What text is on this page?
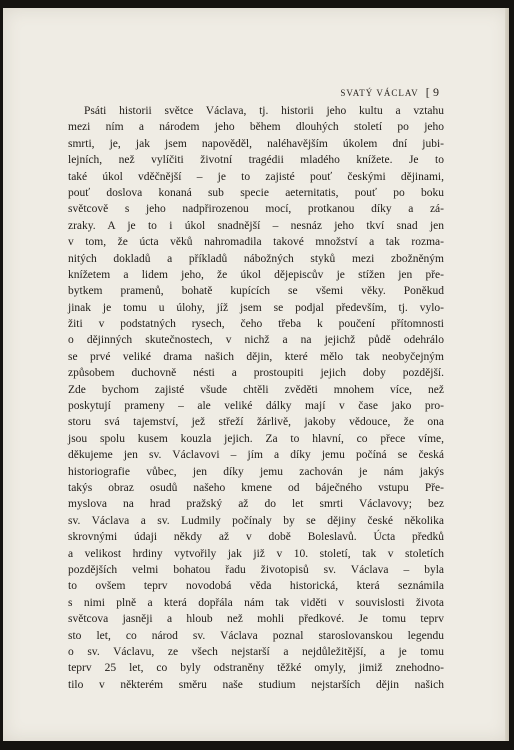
SVATÝ VÁCLAV [ 9
Psáti historii světce Václava, tj. historii jeho kultu a vztahu
mezi ním a národem jeho během dlouhých století po jeho
smrti, je, jak jsem napověděl, naléhavějším úkolem dní jubi-
lejních, než vylíčiti životní tragédii mladého knížete. Je to
také úkol vděčnější – je to zajisté pouť českými dějinami,
pouť doslova konaná sub specie aeternitatis, pouť po boku
světcově s jeho nadpřirozenou mocí, protkanou díky a zá-
zraky. A je to i úkol snadnější – nesnáz jeho tkví snad jen
v tom, že úcta věků nahromadila takové množství a tak rozma-
nitých dokladů a příkladů nábožných styků mezi zbožněným
knížetem a lidem jeho, že úkol dějepiscův je stížen jen pře-
bytkem pramenů, bohatě kupících se všemi věky. Poněkud
jinak je tomu u úlohy, jíž jsem se podjal především, tj. vylo-
žiti v podstatných rysech, čeho třeba k poučení přítomnosti
o dějinných skutečnostech, v nichž a na jejichž půdě odehrálo
se prvé veliké drama našich dějin, které mělo tak neobyčejným
způsobem duchovně nésti a prostoupiti jejich doby pozdější.
Zde bychom zajisté všude chtěli zvěděti mnohem více, než
poskytují prameny – ale veliké dálky mají v čase jako pro-
storu svá tajemství, jež střeží žárlivě, jakoby vědouce, že ona
jsou spolu kusem kouzla jejich. Za to hlavní, co přece víme,
děkujeme jen sv. Václavovi – jím a díky jemu počíná se česká
historiografie vůbec, jen díky jemu zachován je nám jakýs
takýs obraz osudů našeho kmene od báječného vstupu Pře-
myslova na hrad pražský až do let smrti Václavovy; bez
sv. Václava a sv. Ludmily počínaly by se dějiny české několika
skrovnými údaji někdy až v době Boleslavů. Úcta předků
a velikost hrdiny vytvořily jak již v 10. století, tak v stoletích
pozdějších velmi bohatou řadu životopisů sv. Václava – byla
to ovšem teprv novodobá věda historická, která seznámila
s nimi plně a která dopřála nám tak viděti v souvislosti života
světcova jasněji a hloub než mohli předkové. Je tomu teprv
sto let, co národ sv. Václava poznal staroslovanskou legendu
o sv. Václavu, ze všech nejstarší a nejdůležitější, a je tomu
teprv 25 let, co byly odstraněny těžké omyly, jimiž znehodno-
tilo v některém směru naše studium nejstarších dějin našich
